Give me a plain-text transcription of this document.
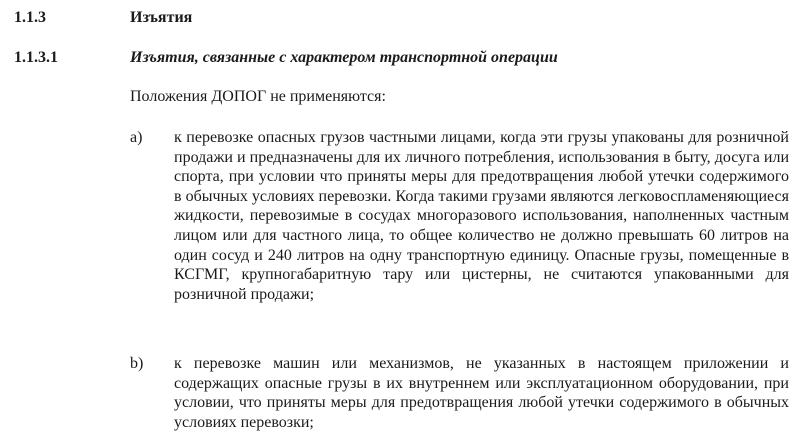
1.1.3	Изъятия
1.1.3.1	Изъятия, связанные с характером транспортной операции
Положения ДОПОГ не применяются:
a) к перевозке опасных грузов частными лицами, когда эти грузы упакованы для розничной продажи и предназначены для их личного потребления, использования в быту, досуга или спорта, при условии что приняты меры для предотвращения любой утечки содержимого в обычных условиях перевозки. Когда такими грузами являются легковоспламеняющиеся жидкости, перевозимые в сосудах многоразового использования, наполненных частным лицом или для частного лица, то общее количество не должно превышать 60 литров на один сосуд и 240 литров на одну транспортную единицу. Опасные грузы, помещенные в КСГМГ, крупногабаритную тару или цистерны, не считаются упакованными для розничной продажи;
b) к перевозке машин или механизмов, не указанных в настоящем приложении и содержащих опасные грузы в их внутреннем или эксплуатационном оборудовании, при условии, что приняты меры для предотвращения любой утечки содержимого в обычных условиях перевозки;
